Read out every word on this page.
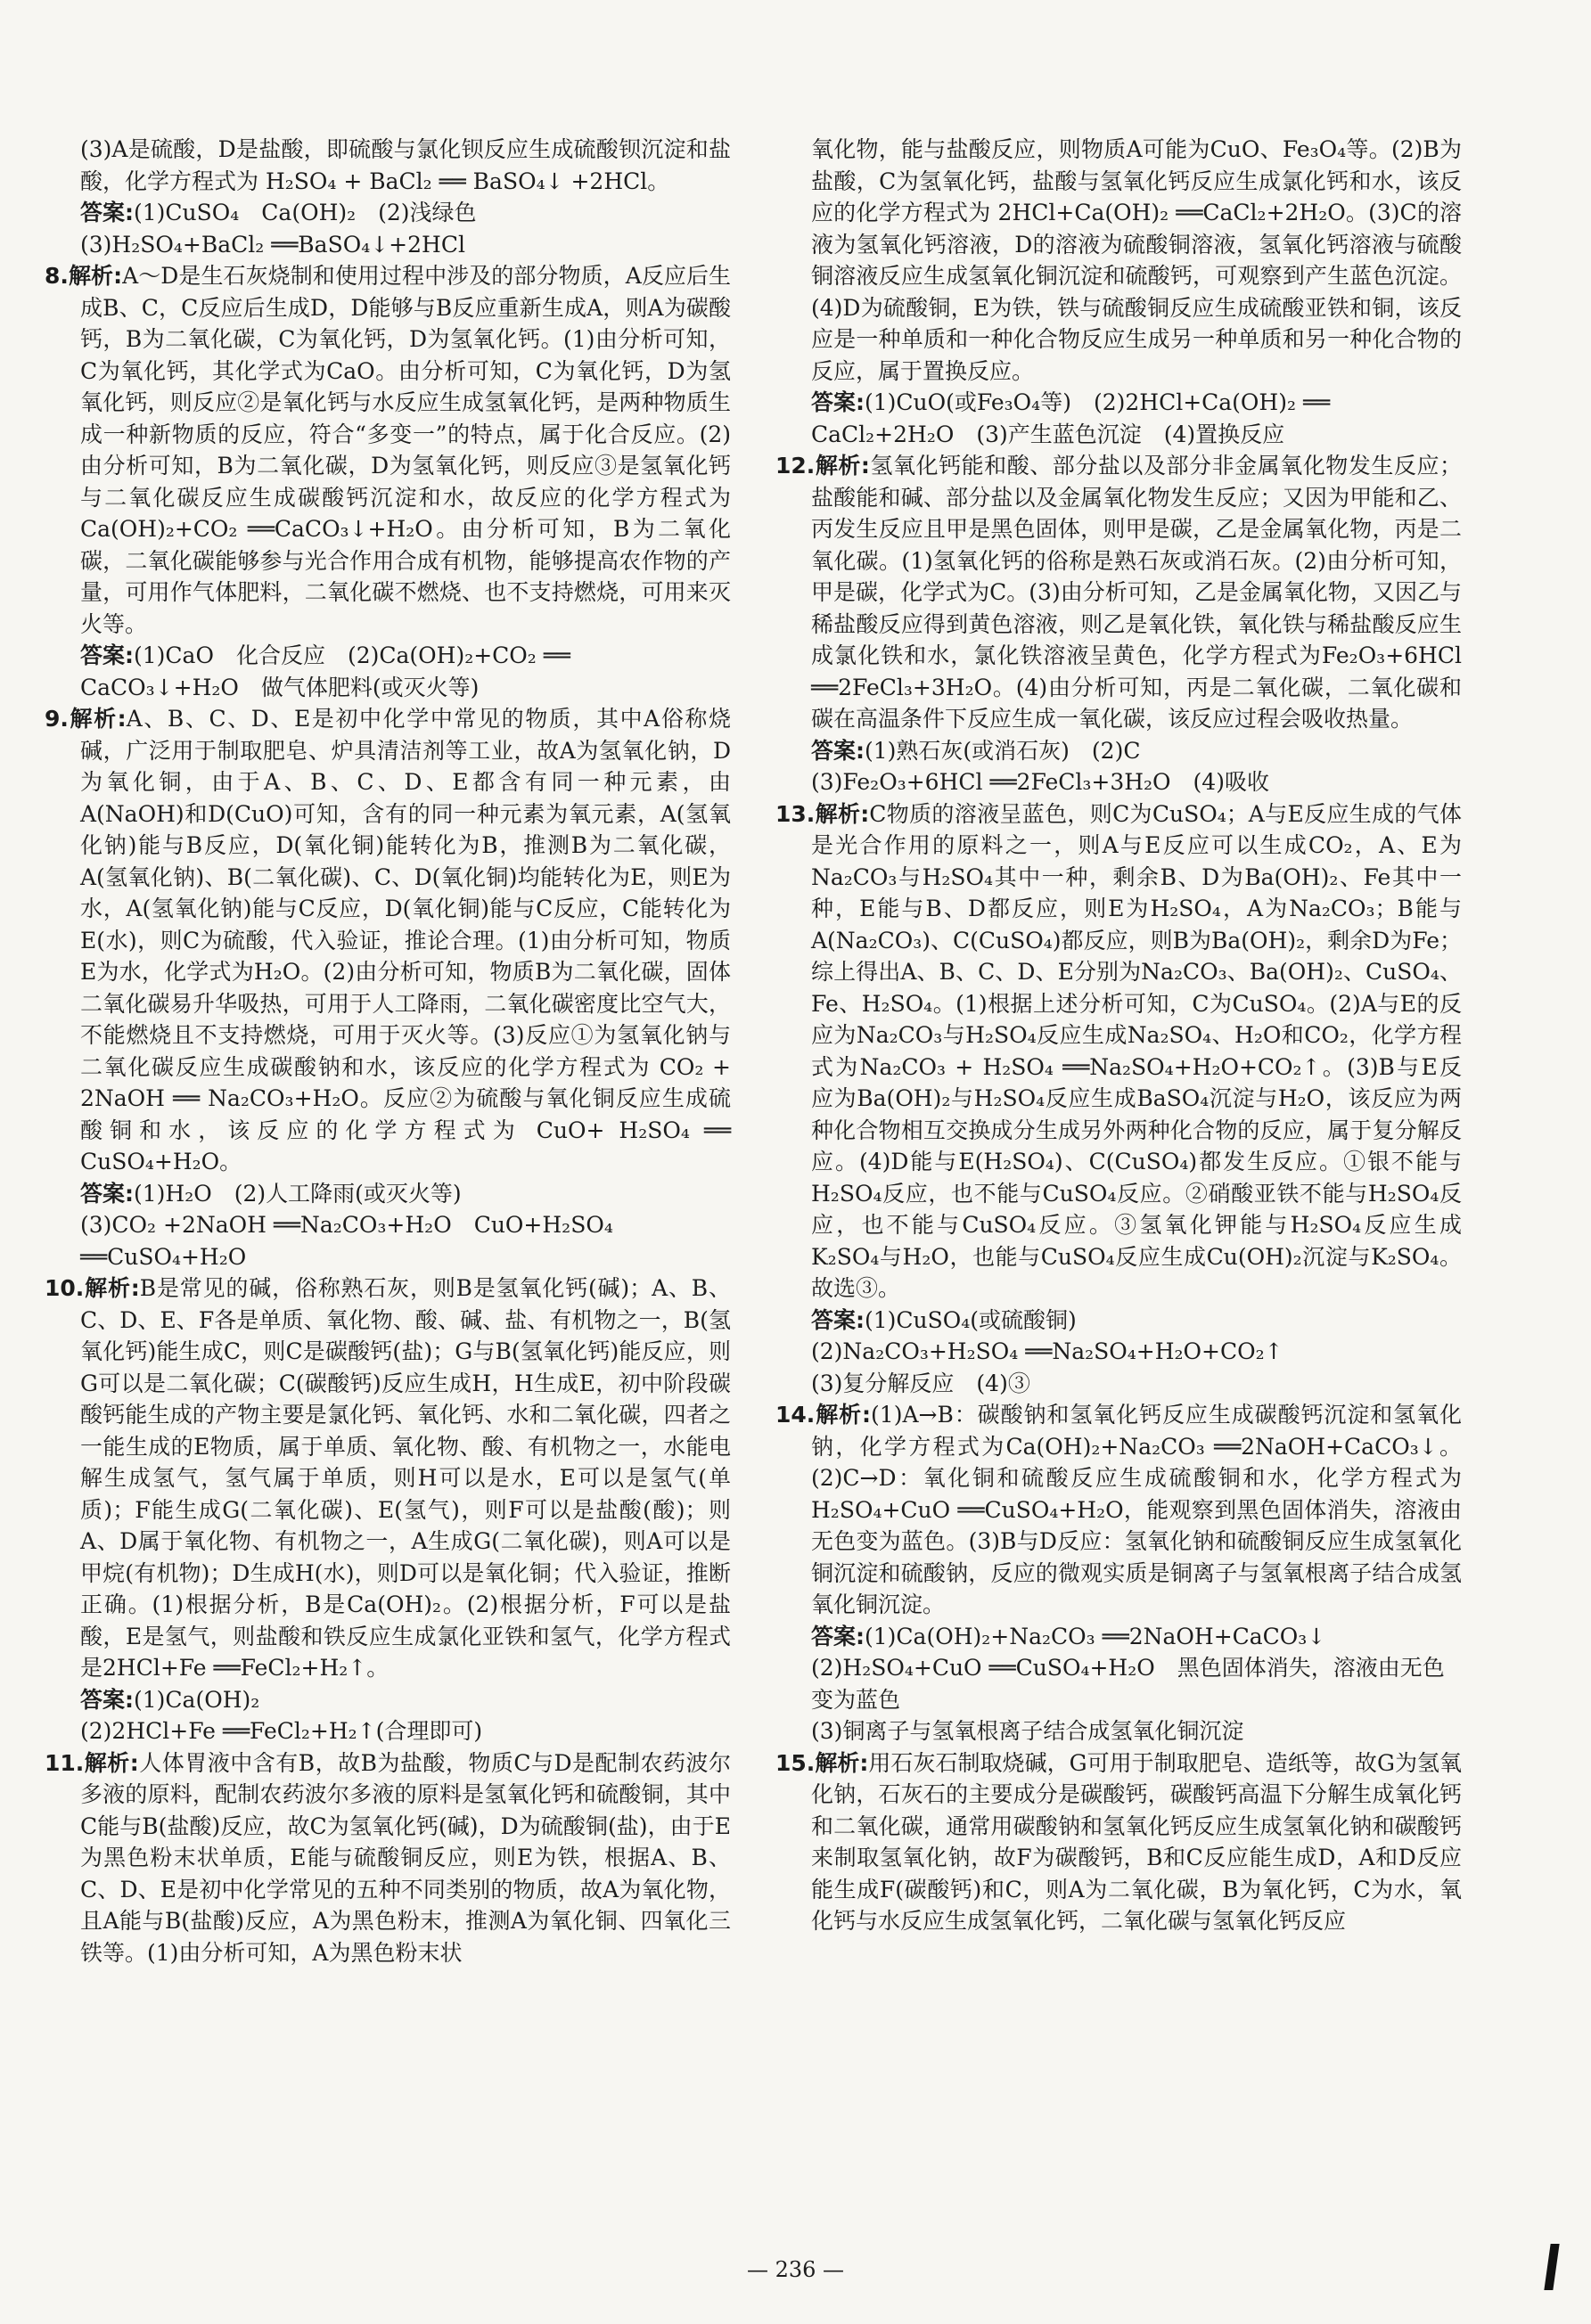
(3)A是硫酸，D是盐酸，即硫酸与氯化钡反应生成硫酸钡沉淀和盐酸，化学方程式为 H₂SO₄ + BaCl₂ ══ BaSO₄↓ +2HCl。

答案:(1)CuSO₄　Ca(OH)₂　(2)浅绿色

(3)H₂SO₄+BaCl₂ ══BaSO₄↓+2HCl

8.解析:A～D是生石灰烧制和使用过程中涉及的部分物质，A反应后生成B、C，C反应后生成D，D能够与B反应重新生成A，则A为碳酸钙，B为二氧化碳，C为氧化钙，D为氢氧化钙。(1)由分析可知，C为氧化钙，其化学式为CaO。由分析可知，C为氧化钙，D为氢氧化钙，则反应②是氧化钙与水反应生成氢氧化钙，是两种物质生成一种新物质的反应，符合“多变一”的特点，属于化合反应。(2)由分析可知，B为二氧化碳，D为氢氧化钙，则反应③是氢氧化钙与二氧化碳反应生成碳酸钙沉淀和水，故反应的化学方程式为Ca(OH)₂+CO₂ ══CaCO₃↓+H₂O。由分析可知，B为二氧化碳，二氧化碳能够参与光合作用合成有机物，能够提高农作物的产量，可用作气体肥料，二氧化碳不燃烧、也不支持燃烧，可用来灭火等。

答案:(1)CaO　化合反应　(2)Ca(OH)₂+CO₂ ══ CaCO₃↓+H₂O　做气体肥料(或灭火等)

9.解析:A、B、C、D、E是初中化学中常见的物质，其中A俗称烧碱，广泛用于制取肥皂、炉具清洁剂等工业，故A为氢氧化钠，D为氧化铜，由于A、B、C、D、E都含有同一种元素，由A(NaOH)和D(CuO)可知，含有的同一种元素为氧元素，A(氢氧化钠)能与B反应，D(氧化铜)能转化为B，推测B为二氧化碳，A(氢氧化钠)、B(二氧化碳)、C、D(氧化铜)均能转化为E，则E为水，A(氢氧化钠)能与C反应，D(氧化铜)能与C反应，C能转化为E(水)，则C为硫酸，代入验证，推论合理。(1)由分析可知，物质E为水，化学式为H₂O。(2)由分析可知，物质B为二氧化碳，固体二氧化碳易升华吸热，可用于人工降雨，二氧化碳密度比空气大，不能燃烧且不支持燃烧，可用于灭火等。(3)反应①为氢氧化钠与二氧化碳反应生成碳酸钠和水，该反应的化学方程式为 CO₂ + 2NaOH ══ Na₂CO₃+H₂O。反应②为硫酸与氧化铜反应生成硫酸铜和水，该反应的化学方程式为 CuO+ H₂SO₄ ══ CuSO₄+H₂O。

答案:(1)H₂O　(2)人工降雨(或灭火等)

(3)CO₂ +2NaOH ══Na₂CO₃+H₂O　CuO+H₂SO₄ ══CuSO₄+H₂O

10.解析:B是常见的碱，俗称熟石灰，则B是氢氧化钙(碱)；A、B、C、D、E、F各是单质、氧化物、酸、碱、盐、有机物之一，B(氢氧化钙)能生成C，则C是碳酸钙(盐)；G与B(氢氧化钙)能反应，则G可以是二氧化碳；C(碳酸钙)反应生成H，H生成E，初中阶段碳酸钙能生成的产物主要是氯化钙、氧化钙、水和二氧化碳，四者之一能生成的E物质，属于单质、氧化物、酸、有机物之一，水能电解生成氢气，氢气属于单质，则H可以是水，E可以是氢气(单质)；F能生成G(二氧化碳)、E(氢气)，则F可以是盐酸(酸)；则A、D属于氧化物、有机物之一，A生成G(二氧化碳)，则A可以是甲烷(有机物)；D生成H(水)，则D可以是氧化铜；代入验证，推断正确。(1)根据分析，B是Ca(OH)₂。(2)根据分析，F可以是盐酸，E是氢气，则盐酸和铁反应生成氯化亚铁和氢气，化学方程式是2HCl+Fe ══FeCl₂+H₂↑。

答案:(1)Ca(OH)₂

(2)2HCl+Fe ══FeCl₂+H₂↑(合理即可)

11.解析:人体胃液中含有B，故B为盐酸，物质C与D是配制农药波尔多液的原料，配制农药波尔多液的原料是氢氧化钙和硫酸铜，其中C能与B(盐酸)反应，故C为氢氧化钙(碱)，D为硫酸铜(盐)，由于E为黑色粉末状单质，E能与硫酸铜反应，则E为铁，根据A、B、C、D、E是初中化学常见的五种不同类别的物质，故A为氧化物，且A能与B(盐酸)反应，A为黑色粉末，推测A为氧化铜、四氧化三铁等。(1)由分析可知，A为黑色粉末状

氧化物，能与盐酸反应，则物质A可能为CuO、Fe₃O₄等。(2)B为盐酸，C为氢氧化钙，盐酸与氢氧化钙反应生成氯化钙和水，该反应的化学方程式为 2HCl+Ca(OH)₂ ══CaCl₂+2H₂O。(3)C的溶液为氢氧化钙溶液，D的溶液为硫酸铜溶液，氢氧化钙溶液与硫酸铜溶液反应生成氢氧化铜沉淀和硫酸钙，可观察到产生蓝色沉淀。(4)D为硫酸铜，E为铁，铁与硫酸铜反应生成硫酸亚铁和铜，该反应是一种单质和一种化合物反应生成另一种单质和另一种化合物的反应，属于置换反应。

答案:(1)CuO(或Fe₃O₄等)　(2)2HCl+Ca(OH)₂ ══ CaCl₂+2H₂O　(3)产生蓝色沉淀　(4)置换反应

12.解析:氢氧化钙能和酸、部分盐以及部分非金属氧化物发生反应；盐酸能和碱、部分盐以及金属氧化物发生反应；又因为甲能和乙、丙发生反应且甲是黑色固体，则甲是碳，乙是金属氧化物，丙是二氧化碳。(1)氢氧化钙的俗称是熟石灰或消石灰。(2)由分析可知，甲是碳，化学式为C。(3)由分析可知，乙是金属氧化物，又因乙与稀盐酸反应得到黄色溶液，则乙是氧化铁，氧化铁与稀盐酸反应生成氯化铁和水，氯化铁溶液呈黄色，化学方程式为Fe₂O₃+6HCl ══2FeCl₃+3H₂O。(4)由分析可知，丙是二氧化碳，二氧化碳和碳在高温条件下反应生成一氧化碳，该反应过程会吸收热量。

答案:(1)熟石灰(或消石灰)　(2)C

(3)Fe₂O₃+6HCl ══2FeCl₃+3H₂O　(4)吸收

13.解析:C物质的溶液呈蓝色，则C为CuSO₄；A与E反应生成的气体是光合作用的原料之一，则A与E反应可以生成CO₂，A、E为Na₂CO₃与H₂SO₄其中一种，剩余B、D为Ba(OH)₂、Fe其中一种，E能与B、D都反应，则E为H₂SO₄，A为Na₂CO₃；B能与A(Na₂CO₃)、C(CuSO₄)都反应，则B为Ba(OH)₂，剩余D为Fe；综上得出A、B、C、D、E分别为Na₂CO₃、Ba(OH)₂、CuSO₄、Fe、H₂SO₄。(1)根据上述分析可知，C为CuSO₄。(2)A与E的反应为Na₂CO₃与H₂SO₄反应生成Na₂SO₄、H₂O和CO₂，化学方程式为Na₂CO₃ + H₂SO₄ ══Na₂SO₄+H₂O+CO₂↑。(3)B与E反应为Ba(OH)₂与H₂SO₄反应生成BaSO₄沉淀与H₂O，该反应为两种化合物相互交换成分生成另外两种化合物的反应，属于复分解反应。(4)D能与E(H₂SO₄)、C(CuSO₄)都发生反应。①银不能与H₂SO₄反应，也不能与CuSO₄反应。②硝酸亚铁不能与H₂SO₄反应，也不能与CuSO₄反应。③氢氧化钾能与H₂SO₄反应生成K₂SO₄与H₂O，也能与CuSO₄反应生成Cu(OH)₂沉淀与K₂SO₄。故选③。

答案:(1)CuSO₄(或硫酸铜)

(2)Na₂CO₃+H₂SO₄ ══Na₂SO₄+H₂O+CO₂↑

(3)复分解反应　(4)③

14.解析:(1)A→B：碳酸钠和氢氧化钙反应生成碳酸钙沉淀和氢氧化钠，化学方程式为Ca(OH)₂+Na₂CO₃ ══2NaOH+CaCO₃↓。(2)C→D：氧化铜和硫酸反应生成硫酸铜和水，化学方程式为H₂SO₄+CuO ══CuSO₄+H₂O，能观察到黑色固体消失，溶液由无色变为蓝色。(3)B与D反应：氢氧化钠和硫酸铜反应生成氢氧化铜沉淀和硫酸钠，反应的微观实质是铜离子与氢氧根离子结合成氢氧化铜沉淀。

答案:(1)Ca(OH)₂+Na₂CO₃ ══2NaOH+CaCO₃↓

(2)H₂SO₄+CuO ══CuSO₄+H₂O　黑色固体消失，溶液由无色变为蓝色

(3)铜离子与氢氧根离子结合成氢氧化铜沉淀

15.解析:用石灰石制取烧碱，G可用于制取肥皂、造纸等，故G为氢氧化钠，石灰石的主要成分是碳酸钙，碳酸钙高温下分解生成氧化钙和二氧化碳，通常用碳酸钠和氢氧化钙反应生成氢氧化钠和碳酸钙来制取氢氧化钠，故F为碳酸钙，B和C反应能生成D，A和D反应能生成F(碳酸钙)和C，则A为二氧化碳，B为氧化钙，C为水，氧化钙与水反应生成氢氧化钙，二氧化碳与氢氧化钙反应

— 236 —
